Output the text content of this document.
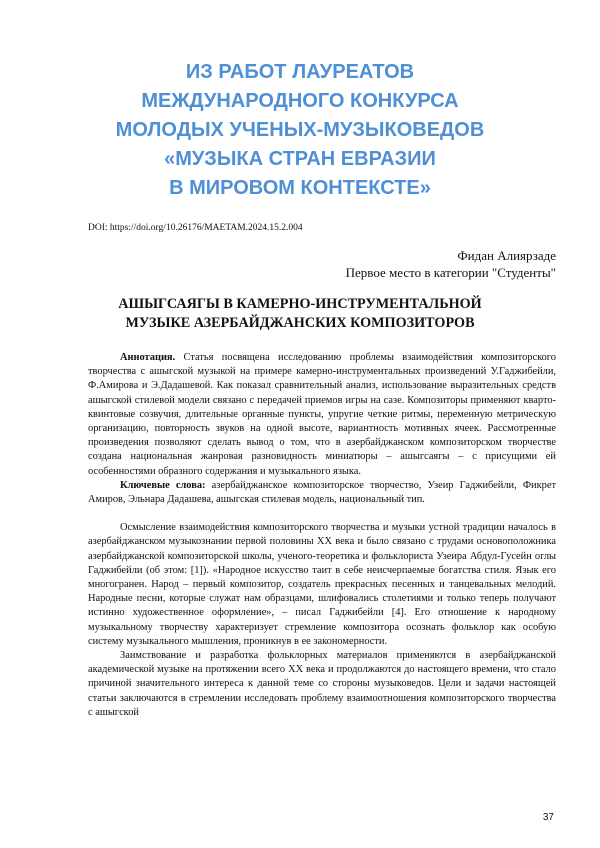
ИЗ РАБОТ ЛАУРЕАТОВ
МЕЖДУНАРОДНОГО КОНКУРСА
МОЛОДЫХ УЧЕНЫХ-МУЗЫКОВЕДОВ
«МУЗЫКА СТРАН ЕВРАЗИИ
В МИРОВОМ КОНТЕКСТЕ»
DOI: https://doi.org/10.26176/MAETAM.2024.15.2.004
Фидан Алиярзаде
Первое место в категории "Студенты"
АШЫГСАЯГЫ В КАМЕРНО-ИНСТРУМЕНТАЛЬНОЙ
МУЗЫКЕ АЗЕРБАЙДЖАНСКИХ КОМПОЗИТОРОВ

Аннотация. Статья посвящена исследованию проблемы взаимодействия композиторского творчества с ашыгской музыкой на примере камерно-инструментальных произведений У.Гаджибейли, Ф.Амирова и Э.Дадашевой. Как показал сравнительный анализ, использование выразительных средств ашыгской стилевой модели связано с передачей приемов игры на сазе. Композиторы применяют кварто-квинтовые созвучия, длительные органные пункты, упругие четкие ритмы, переменную метрическую организацию, повторность звуков на одной высоте, вариантность мотивных ячеек. Рассмотренные произведения позволяют сделать вывод о том, что в азербайджанском композиторском творчестве создана национальная жанровая разновидность миниатюры – ашыгсаягы – с присущими ей особенностями образного содержания и музыкального языка.

Ключевые слова: азербайджанское композиторское творчество, Узеир Гаджибейли, Фикрет Амиров, Эльнара Дадашева, ашыгская стилевая модель, национальный тип.

Осмысление взаимодействия композиторского творчества и музыки устной традиции началось в азербайджанском музыкознании первой половины XX века и было связано с трудами основоположника азербайджанской композиторской школы, ученого-теоретика и фольклориста Узеира Абдул-Гусейн оглы Гаджибейли (об этом: [1]). «Народное искусство таит в себе неисчерпаемые богатства стиля. Язык его многогранен. Народ – первый композитор, создатель прекрасных песенных и танцевальных мелодий. Народные песни, которые служат нам образцами, шлифовались столетиями и только теперь получают истинно художественное оформление», – писал Гаджибейли [4]. Его отношение к народному музыкальному творчеству характеризует стремление композитора осознать фольклор как особую систему музыкального мышления, проникнув в ее закономерности.

Заимствование и разработка фольклорных материалов применяются в азербайджанской академической музыке на протяжении всего XX века и продолжаются до настоящего времени, что стало причиной значительного интереса к данной теме со стороны музыковедов. Цели и задачи настоящей статьи заключаются в стремлении исследовать проблему взаимоотношения композиторского творчества с ашыгской

37
